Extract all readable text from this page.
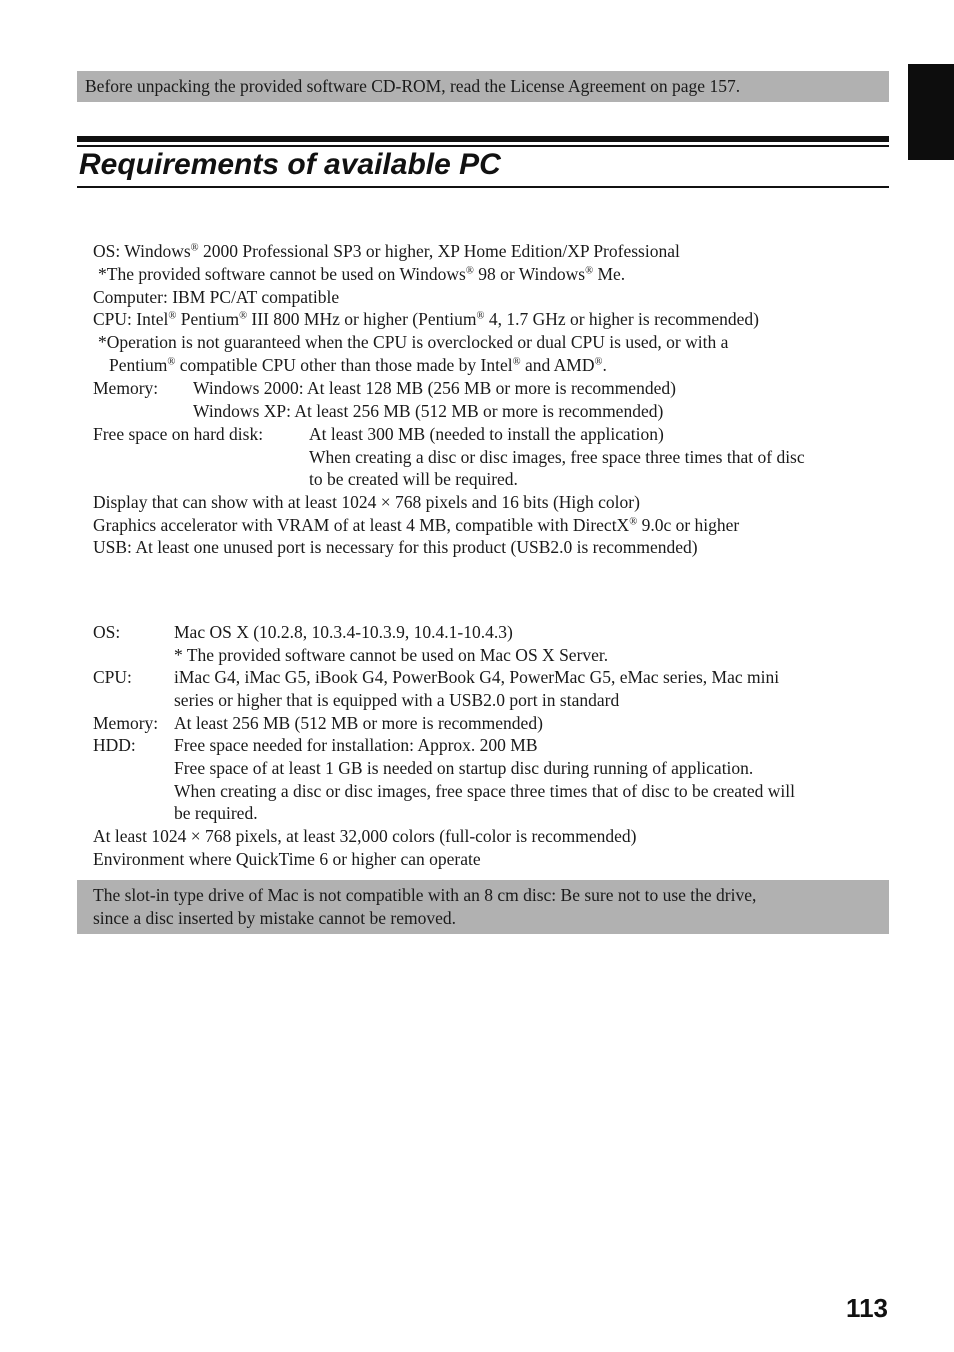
Before unpacking the provided software CD-ROM, read the License Agreement on page 157.
Requirements of available PC
OS: Windows® 2000 Professional SP3 or higher, XP Home Edition/XP Professional
*The provided software cannot be used on Windows® 98 or Windows® Me.
Computer: IBM PC/AT compatible
CPU: Intel® Pentium® III 800 MHz or higher (Pentium® 4, 1.7 GHz or higher is recommended)
*Operation is not guaranteed when the CPU is overclocked or dual CPU is used, or with a
Pentium® compatible CPU other than those made by Intel® and AMD®.
Memory: Windows 2000: At least 128 MB (256 MB or more is recommended)
Windows XP: At least 256 MB (512 MB or more is recommended)
Free space on hard disk:	At least 300 MB (needed to install the application)
When creating a disc or disc images, free space three times that of disc
to be created will be required.
Display that can show with at least 1024 × 768 pixels and 16 bits (High color)
Graphics accelerator with VRAM of at least 4 MB, compatible with DirectX® 9.0c or higher
USB: At least one unused port is necessary for this product (USB2.0 is recommended)
OS:	Mac OS X (10.2.8, 10.3.4-10.3.9, 10.4.1-10.4.3)
* The provided software cannot be used on Mac OS X Server.
CPU: iMac G4, iMac G5, iBook G4, PowerBook G4, PowerMac G5, eMac series, Mac mini
series or higher that is equipped with a USB2.0 port in standard
Memory: At least 256 MB (512 MB or more is recommended)
HDD: Free space needed for installation: Approx. 200 MB
Free space of at least 1 GB is needed on startup disc during running of application.
When creating a disc or disc images, free space three times that of disc to be created will
be required.
At least 1024 × 768 pixels, at least 32,000 colors (full-color is recommended)
Environment where QuickTime 6 or higher can operate
The slot-in type drive of Mac is not compatible with an 8 cm disc: Be sure not to use the drive,
since a disc inserted by mistake cannot be removed.
113
